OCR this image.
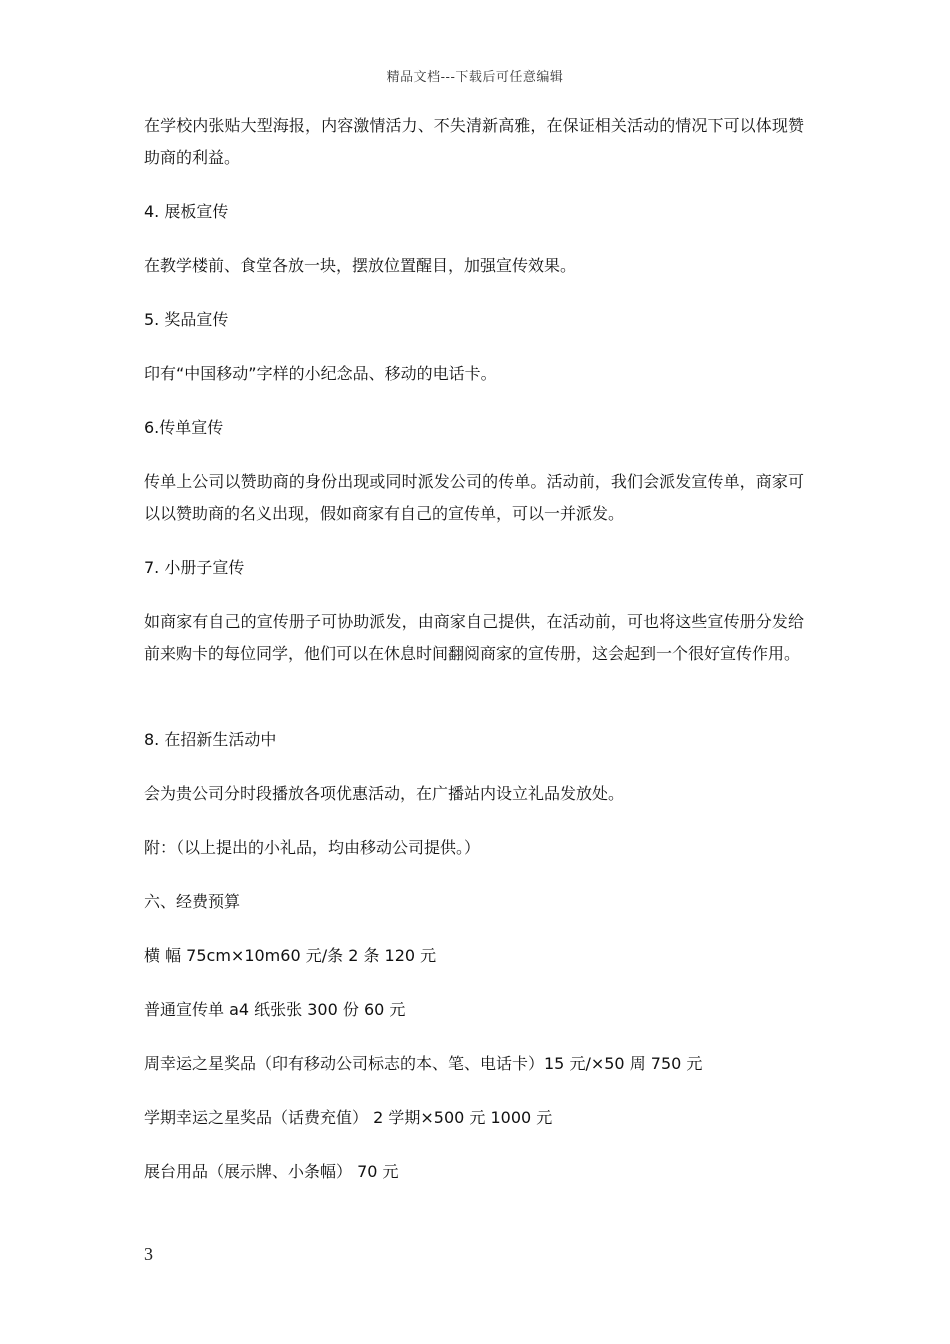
精品文档---下载后可任意编辑
在学校内张贴大型海报，内容激情活力、不失清新高雅，在保证相关活动的情况下可以体现赞助商的利益。
4. 展板宣传
在教学楼前、食堂各放一块，摆放位置醒目，加强宣传效果。
5. 奖品宣传
印有“中国移动”字样的小纪念品、移动的电话卡。
6.传单宣传
传单上公司以赞助商的身份出现或同时派发公司的传单。活动前，我们会派发宣传单，商家可以以赞助商的名义出现，假如商家有自己的宣传单，可以一并派发。
7. 小册子宣传
如商家有自己的宣传册子可协助派发，由商家自己提供，在活动前，可也将这些宣传册分发给前来购卡的每位同学，他们可以在休息时间翻阅商家的宣传册，这会起到一个很好宣传作用。
8. 在招新生活动中
会为贵公司分时段播放各项优惠活动，在广播站内设立礼品发放处。
附：（以上提出的小礼品，均由移动公司提供。）
六、经费预算
横 幅 75cm×10m60 元/条 2 条 120 元
普通宣传单 a4 纸张张 300 份 60 元
周幸运之星奖品（印有移动公司标志的本、笔、电话卡）15 元/×50 周 750 元
学期幸运之星奖品（话费充值） 2 学期×500 元 1000 元
展台用品（展示牌、小条幅） 70 元
3
